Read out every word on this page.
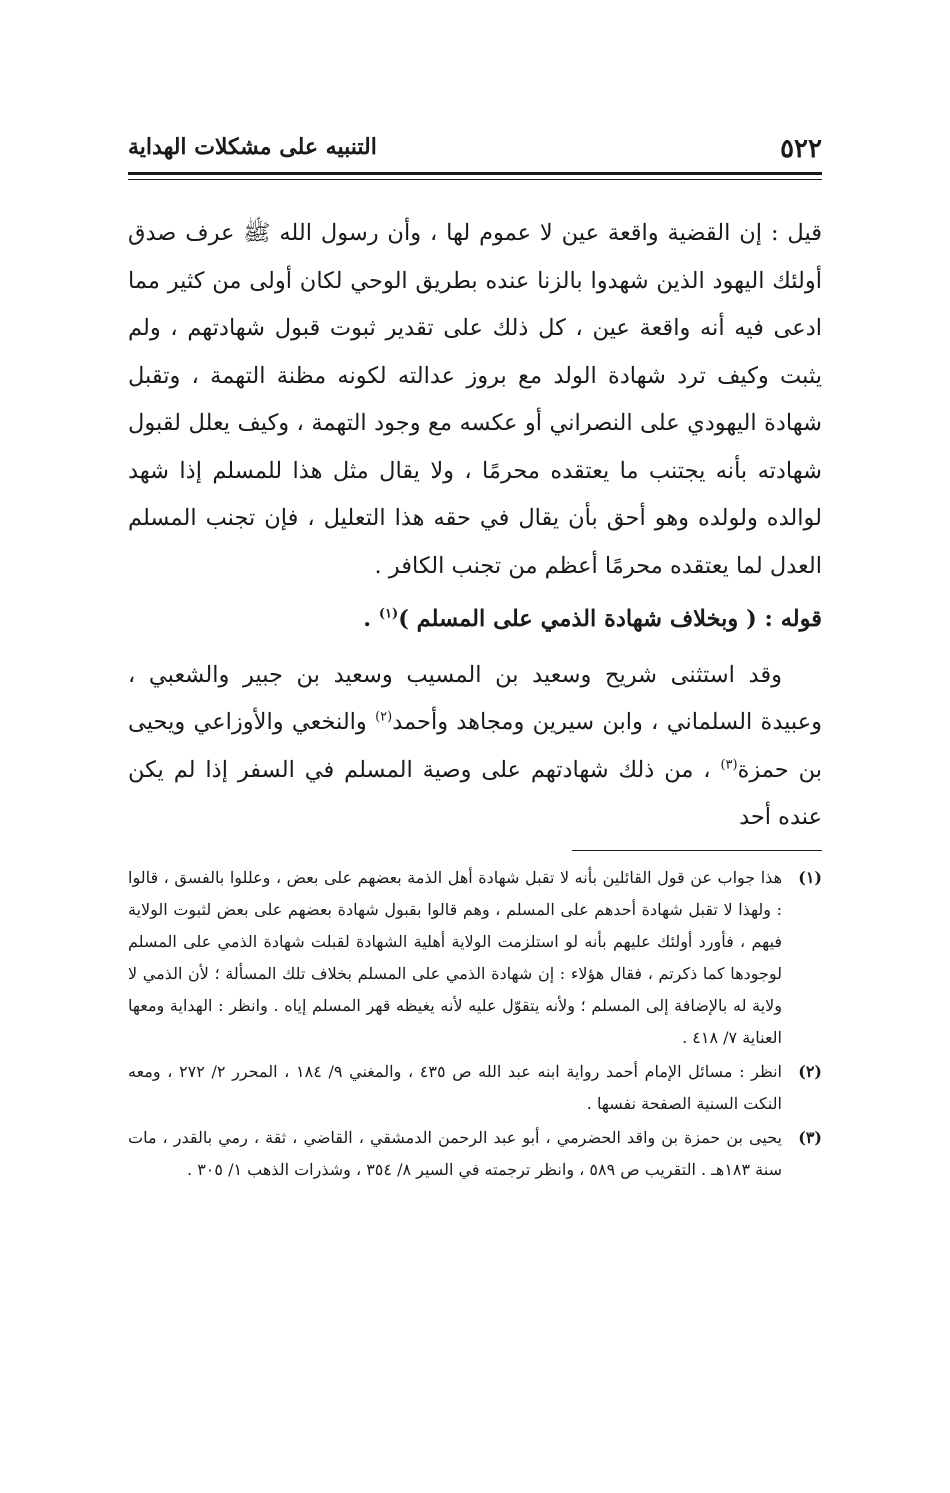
٥٢٢
التنبيه على مشكلات الهداية

قيل : إن القضية واقعة عين لا عموم لها ، وأن رسول الله ﷺ عرف صدق أولئك اليهود الذين شهدوا بالزنا عنده بطريق الوحي لكان أولى من كثير مما ادعى فيه أنه واقعة عين ، كل ذلك على تقدير ثبوت قبول شهادتهم ، ولم يثبت وكيف ترد شهادة الولد مع بروز عدالته لكونه مظنة التهمة ، وتقبل شهادة اليهودي على النصراني أو عكسه مع وجود التهمة ، وكيف يعلل لقبول شهادته بأنه يجتنب ما يعتقده محرمًا ، ولا يقال مثل هذا للمسلم إذا شهد لوالده ولولده وهو أحق بأن يقال في حقه هذا التعليل ، فإن تجنب المسلم العدل لما يعتقده محرمًا أعظم من تجنب الكافر .

قوله : ( وبخلاف شهادة الذمي على المسلم )$^{(١)}$ .

وقد استثنى شريح وسعيد بن المسيب وسعيد بن جبير والشعبي ، وعبيدة السلماني ، وابن سيرين ومجاهد وأحمد$^{(٢)}$ والنخعي والأوزاعي ويحيى بن حمزة$^{(٣)}$ ، من ذلك شهادتهم على وصية المسلم في السفر إذا لم يكن عنده أحد

(١)
هذا جواب عن قول القائلين بأنه لا تقبل شهادة أهل الذمة بعضهم على بعض ، وعللوا بالفسق ، قالوا : ولهذا لا تقبل شهادة أحدهم على المسلم ، وهم قالوا بقبول شهادة بعضهم على بعض لثبوت الولاية فيهم ، فأورد أولئك عليهم بأنه لو استلزمت الولاية أهلية الشهادة لقبلت شهادة الذمي على المسلم لوجودها كما ذكرتم ، فقال هؤلاء : إن شهادة الذمي على المسلم بخلاف تلك المسألة ؛ لأن الذمي لا ولاية له بالإضافة إلى المسلم ؛ ولأنه يتقوّل عليه لأنه يغيظه قهر المسلم إياه . وانظر : الهداية ومعها العناية ٧/ ٤١٨ .

(٢)
انظر : مسائل الإمام أحمد رواية ابنه عبد الله ص ٤٣٥ ، والمغني ٩/ ١٨٤ ، المحرر ٢/ ٢٧٢ ، ومعه النكت السنية الصفحة نفسها .

(٣)
يحيى بن حمزة بن واقد الحضرمي ، أبو عبد الرحمن الدمشقي ، القاضي ، ثقة ، رمي بالقدر ، مات سنة ١٨٣هـ . التقريب ص ٥٨٩ ، وانظر ترجمته في السير ٨/ ٣٥٤ ، وشذرات الذهب ١/ ٣٠٥ .
